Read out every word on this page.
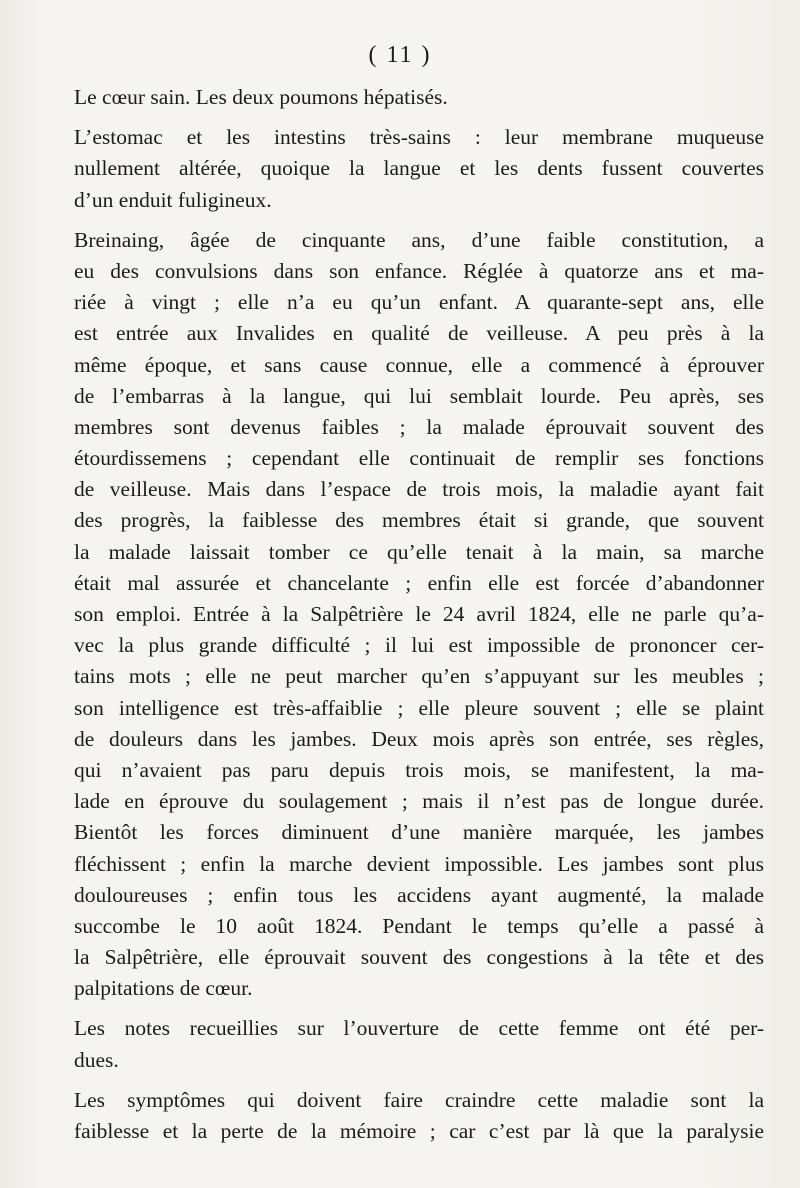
( 11 )
Le cœur sain. Les deux poumons hépatisés.
L’estomac et les intestins très-sains : leur membrane muqueuse
nullement altérée, quoique la langue et les dents fussent couvertes
d’un enduit fuligineux.
Breinaing, âgée de cinquante ans, d’une faible constitution, a
eu des convulsions dans son enfance. Réglée à quatorze ans et ma-
riée à vingt ; elle n’a eu qu’un enfant. A quarante-sept ans, elle
est entrée aux Invalides en qualité de veilleuse. A peu près à la
même époque, et sans cause connue, elle a commencé à éprouver
de l’embarras à la langue, qui lui semblait lourde. Peu après, ses
membres sont devenus faibles ; la malade éprouvait souvent des
étourdissemens ; cependant elle continuait de remplir ses fonctions
de veilleuse. Mais dans l’espace de trois mois, la maladie ayant fait
des progrès, la faiblesse des membres était si grande, que souvent
la malade laissait tomber ce qu’elle tenait à la main, sa marche
était mal assurée et chancelante ; enfin elle est forcée d’abandonner
son emploi. Entrée à la Salpêtrière le 24 avril 1824, elle ne parle qu’a-
vec la plus grande difficulté ; il lui est impossible de prononcer cer-
tains mots ; elle ne peut marcher qu’en s’appuyant sur les meubles ;
son intelligence est très-affaiblie ; elle pleure souvent ; elle se plaint
de douleurs dans les jambes. Deux mois après son entrée, ses règles,
qui n’avaient pas paru depuis trois mois, se manifestent, la ma-
lade en éprouve du soulagement ; mais il n’est pas de longue durée.
Bientôt les forces diminuent d’une manière marquée, les jambes
fléchissent ; enfin la marche devient impossible. Les jambes sont plus
douloureuses ; enfin tous les accidens ayant augmenté, la malade
succombe le 10 août 1824. Pendant le temps qu’elle a passé à
la Salpêtrière, elle éprouvait souvent des congestions à la tête et des
palpitations de cœur.
Les notes recueillies sur l’ouverture de cette femme ont été per-
dues.
Les symptômes qui doivent faire craindre cette maladie sont la
faiblesse et la perte de la mémoire ; car c’est par là que la paralysie
